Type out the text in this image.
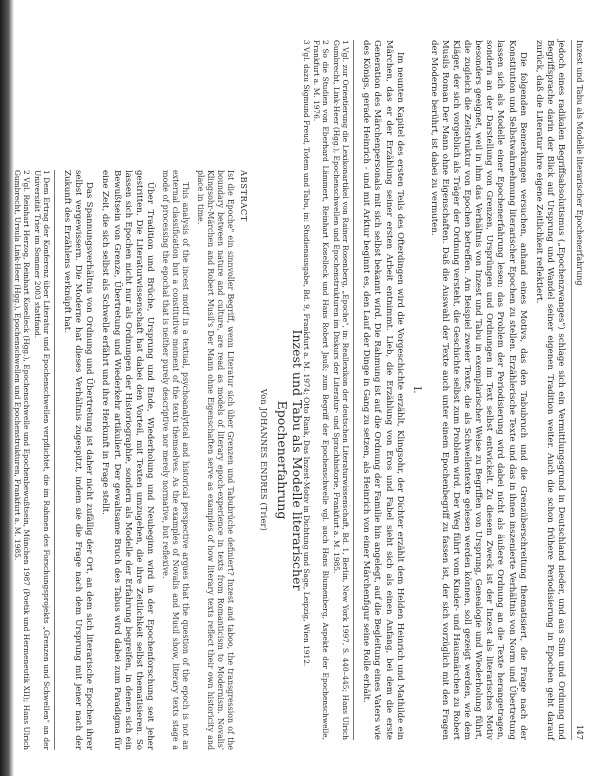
Inzest und Tabu als Modelle literarischer Epochenerfahrung
147

jedoch eines radikalen Begriffsabsolutismus („Epochenzwanges") schlage sich ein Vermittlungsgrund in Deutschland nieder, und aus Sinn und Ordnung und Begriffsprache darin der Blick auf Ursprung und Wandel seiner eigenen Tradition weiter. Auch die schon frühere Periodisierung in Epochen geht darauf zurück, daß die Literatur ihre eigene Zeitlichkeit reflektiert.

Die folgenden Bemerkungen versuchen, anhand eines Motivs, das den Tabubruch und die Grenzüberschreitung thematisiert, die Frage nach der Konstitution und Selbstwahrnehmung literarischer Epochen zu stellen. Erzählerische Texte und das in ihnen inszenierte Verhältnis von Norm und Übertretung lassen sich als Modelle einer Epochenerfahrung lesen: das Problem der Periodisierung wird dabei nicht als äußere Ordnung an die Texte herangetragen, sondern an der Darstellung von Grenzen, Ursprüngen und Ordnungen im Text selbst entwickelt. Zu diesem Zweck ist der Inzest als literarisches Motiv besonders geeignet, weil in ihm das Verhältnis von Inzest und Tabu in exemplarischer Weise zu Begriffen von Ursprung, Genealogie und Wiederholung führt, die zugleich die Zeitstruktur von Epochen betreffen. Am Beispiel zweier Texte, die als Schwellentexte gelesen werden können, soll gezeigt werden, wie dem Kläger, der sich vorgeblich als Träger der Ordnung versteht, die Geschichte selbst zum Problem wird. Der Weg führt vom Kinder- und Hausmärchen zu Robert Musils Roman Der Mann ohne Eigenschaften. Daß die Auswahl der Texte auch unter einem Epochenbegriff zu fassen ist, der sich vorzüglich mit den Fragen der Moderne berührt, ist dabei zu vermuten.

I.

Im neunten Kapitel des ersten Teils des Ofterdingen wird die Vorgeschichte erzählt, Klingsohr, der Dichter erzählt dem Helden Heinrich und Mathilde ein Märchen, das er der Erzählung seiner ersten Arbeit entnimmt. Lieb, die Erzählung von Eros und Fabel sieht sich als einen Anfang, bei dem die erste Generation des Märchenpersonals mit sich selbst bekannt wird. Die Rahmung ist auf die Ordnung der Familie hin angelegt, auf die Begleitung eines Vaters wie des Königs, gerade Heinrich - und mit Arktur beginnt es, den Lauf der Dinge in Gang zu setzen, als Heinrich von einer Märchenfigur seine Rolle erhält.

1 Vgl. zur Orientierung die Lexikonartikel von Rainer Rosenberg, „Epoche", in: Reallexikon der deutschen Literaturwissenschaft, Bd. 1, Berlin, New York 1997, S. 440–445; Hans Ulrich Gumbrecht, Link-Heer (Hgg.), Epochenschwellen und Epochenstrukturen im Diskurs der Literatur- und Sprachhistorie, Frankfurt a. M. 1985.
2 So die Studien von Eberhard Lämmert, Reinhart Koselleck und Hans Robert Jauß; zum Begriff der Epochenschwelle vgl. auch Hans Blumenberg, Aspekte der Epochenschwelle, Frankfurt a. M. 1976.
3 Vgl. dazu Sigmund Freud, Totem und Tabu, in: Studienausgabe, Bd. 9, Frankfurt a. M. 1974; Otto Rank, Das Inzest-Motiv in Dichtung und Sage, Leipzig, Wien 1912.
Inzest und Tabu als Modelle literarischer
Epochenerfahrung
Von JOHANNES ENDRES (Trier)
ABSTRACT

Ist die Epoche" ein sinnvoller Begriff, wenn Literatur sich über Grenzen und Tabubrüche definiert? Inzest and taboo, the transgression of the boundary between nature and culture, are read as models of literary epoch-experience in texts from Romanticism to Modernism. Novalis' Klingsohr-Märchen and Robert Musil's Der Mann ohne Eigenschaften serve as examples of how literary texts reflect their own historicity and place in time.

This analysis of the incest motif in a textual, psychoanalytical and historical perspective argues that the question of the epoch is not an external classification but a constitutive moment of the texts themselves. As the examples of Novalis and Musil show, literary texts stage a mode of processing the epochal that is neither purely descriptive nor merely normative, but reflexive.

Über Tradition und Brüche, Ursprung und Ende, Wiederholung und Neubeginn wird in der Epochenforschung seit jeher gestritten. Die Literaturwissenschaft hat dabei den Vorteil, mit Texten umzugehen, die ihre Zeitlichkeit selbst thematisieren. So lassen sich Epochen nicht nur als Ordnungen der Historiographie, sondern als Modelle der Erfahrung begreifen, in denen sich ein Bewußtsein von Grenze, Übertretung und Wiederkehr artikuliert. Der gewaltsame Bruch des Tabus wird dabei zum Paradigma für eine Zeit, die sich selbst als Schwelle erfährt und ihre Herkunft in Frage stellt.

Das Spannungsverhältnis von Ordnung und Übertretung ist daher nicht zufällig der Ort, an dem sich literarische Epochen ihrer selbst vergewissern. Die Moderne hat dieses Verhältnis zugespitzt, indem sie die Frage nach dem Ursprung mit jener nach der Zukunft des Erzählens verknüpft hat.

1 Dem Ertrag der Konferenz über Literatur und Epochenschwellen verpflichtet, die im Rahmen des Forschungsprojekts „Grenzen und Schwellen" an der Universität Trier im Sommer 2003 stattfand.
2 Vgl. Reinhart Herzog, Reinhart Koselleck (Hgg.), Epochenschwelle und Epochenbewußtsein, München 1987 (Poetik und Hermeneutik XII); Hans Ulrich Gumbrecht, Ursula Link-Heer (Hgg.), Epochenschwellen und Epochenstrukturen, Frankfurt a. M. 1985.
